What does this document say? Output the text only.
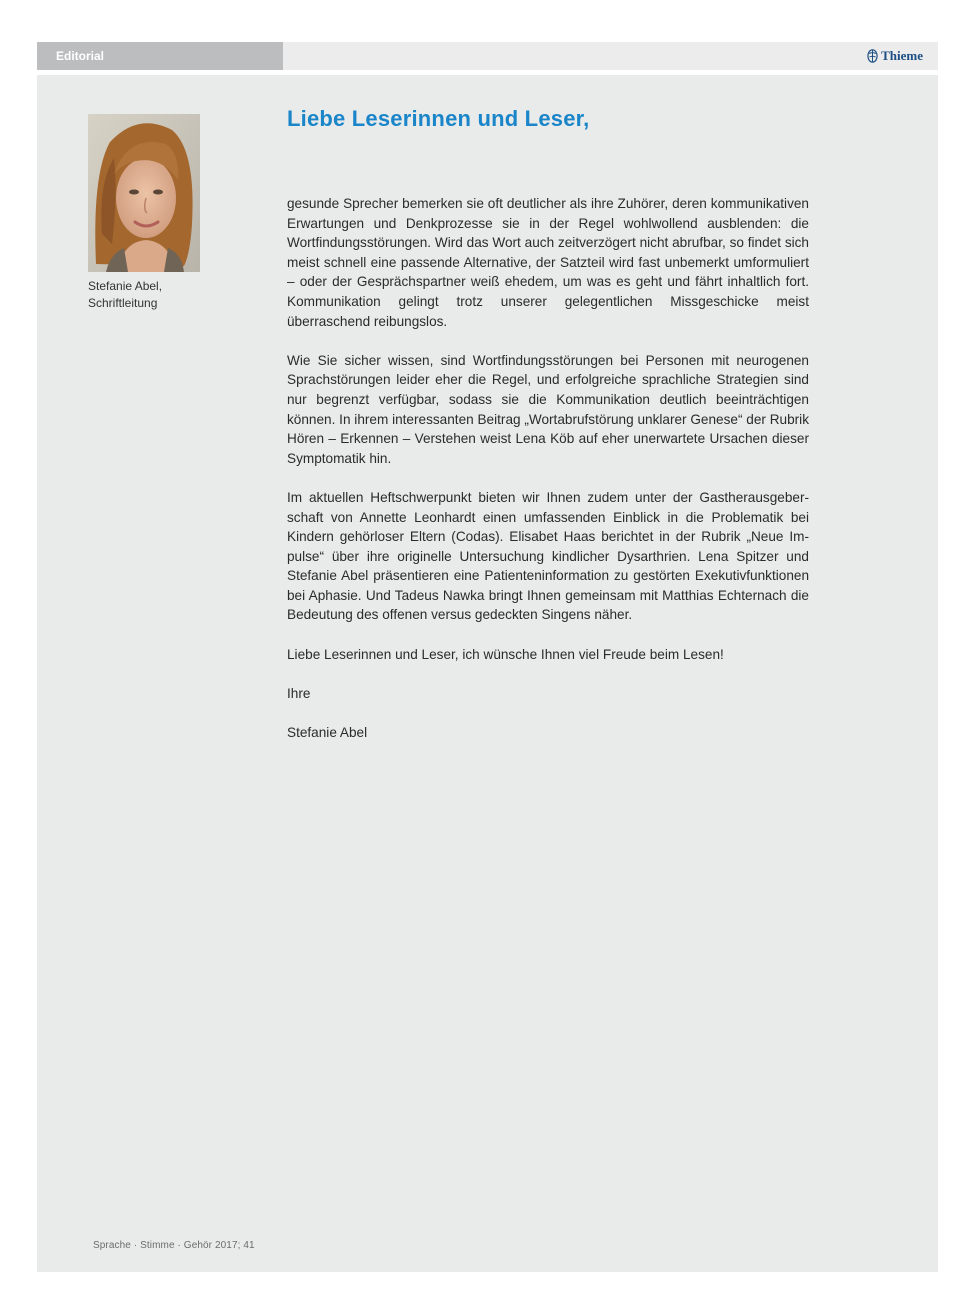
Editorial	Thieme
Stefanie Abel,
Schriftleitung
Liebe Leserinnen und Leser,

gesunde Sprecher bemerken sie oft deutlicher als ihre Zuhörer, deren kommunikativen Erwartungen und Denkprozesse sie in der Regel wohlwollend ausblenden: die Wortfindungsstörungen. Wird das Wort auch zeitverzögert nicht abrufbar, so findet sich meist schnell eine passende Alternative, der Satzteil wird fast unbemerkt umformuliert – oder der Gesprächspartner weiß ehedem, um was es geht und fährt inhaltlich fort. Kommunikation gelingt trotz unserer gelegentlichen Missgeschicke meist überraschend reibungslos.

Wie Sie sicher wissen, sind Wortfindungsstörungen bei Personen mit neurogenen Sprachstörungen leider eher die Regel, und erfolgreiche sprachliche Strategien sind nur begrenzt verfügbar, sodass sie die Kommunikation deutlich beeinträchtigen können. In ihrem interessanten Beitrag „Wortabrufstörung unklarer Genese“ der Rubrik Hören – Erkennen – Verstehen weist Lena Köb auf eher unerwartete Ursachen dieser Symptomatik hin.

Im aktuellen Heftschwerpunkt bieten wir Ihnen zudem unter der Gastherausgeberschaft von Annette Leonhardt einen umfassenden Einblick in die Problematik bei Kindern gehörloser Eltern (Codas). Elisabet Haas berichtet in der Rubrik „Neue Impulse“ über ihre originelle Untersuchung kindlicher Dysarthrien. Lena Spitzer und Stefanie Abel präsentieren eine Patienteninformation zu gestörten Exekutivfunktionen bei Aphasie. Und Tadeus Nawka bringt Ihnen gemeinsam mit Matthias Echternach die Bedeutung des offenen versus gedeckten Singens näher.

Liebe Leserinnen und Leser, ich wünsche Ihnen viel Freude beim Lesen!

Ihre

Stefanie Abel

Sprache · Stimme · Gehör 2017; 41
